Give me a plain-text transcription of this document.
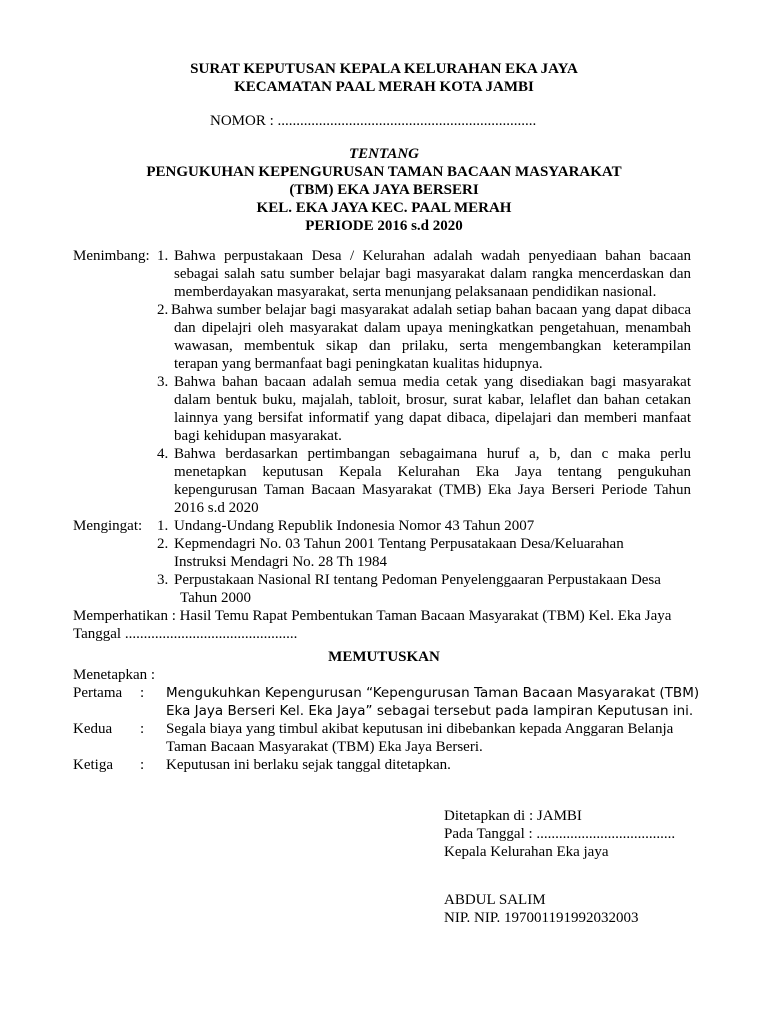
SURAT KEPUTUSAN KEPALA KELURAHAN EKA JAYA
KECAMATAN PAAL MERAH KOTA JAMBI
NOMOR : .....................................................................
TENTANG
PENGUKUHAN KEPENGURUSAN TAMAN BACAAN MASYARAKAT
(TBM) EKA JAYA BERSERI
KEL. EKA JAYA KEC. PAAL MERAH
PERIODE 2016 s.d 2020
Menimbang: 1. Bahwa perpustakaan Desa / Kelurahan adalah wadah penyediaan bahan bacaan
sebagai salah satu sumber belajar bagi masyarakat dalam rangka mencerdaskan dan
memberdayakan masyarakat, serta menunjang pelaksanaan pendidikan nasional.
2. Bahwa sumber belajar bagi masyarakat adalah setiap bahan bacaan yang dapat dibaca
dan dipelajri oleh masyarakat dalam upaya meningkatkan pengetahuan, menambah
wawasan, membentuk sikap dan prilaku, serta mengembangkan keterampilan
terapan yang bermanfaat bagi peningkatan kualitas hidupnya.
3. Bahwa bahan bacaan adalah semua media cetak yang disediakan bagi masyarakat
dalam bentuk buku, majalah, tabloit, brosur, surat kabar, lelaflet dan bahan cetakan
lainnya yang bersifat informatif yang dapat dibaca, dipelajari dan memberi manfaat
bagi kehidupan masyarakat.
4. Bahwa berdasarkan pertimbangan sebagaimana huruf a, b, dan c maka perlu
menetapkan keputusan Kepala Kelurahan Eka Jaya tentang pengukuhan
kepengurusan Taman Bacaan Masyarakat (TMB) Eka Jaya Berseri Periode Tahun
2016 s.d 2020
Mengingat: 1. Undang-Undang Republik Indonesia Nomor 43 Tahun 2007
2. Kepmendagri No. 03 Tahun 2001 Tentang Perpusatakaan Desa/Keluarahan
Instruksi Mendagri No. 28 Th 1984
3. Perpustakaan Nasional RI tentang Pedoman Penyelenggaaran Perpustakaan Desa
Tahun 2000
Memperhatikan : Hasil Temu Rapat Pembentukan Taman Bacaan Masyarakat (TBM) Kel. Eka Jaya
Tanggal ..............................................
MEMUTUSKAN
Menetapkan :
Pertama : Mengukuhkan Kepengurusan “Kepengurusan Taman Bacaan Masyarakat (TBM)
Eka Jaya Berseri Kel. Eka Jaya” sebagai tersebut pada lampiran Keputusan ini.
Kedua : Segala biaya yang timbul akibat keputusan ini dibebankan kepada Anggaran Belanja
Taman Bacaan Masyarakat (TBM) Eka Jaya Berseri.
Ketiga : Keputusan ini berlaku sejak tanggal ditetapkan.
Ditetapkan di : JAMBI
Pada Tanggal : .....................................
Kepala Kelurahan Eka jaya
ABDUL SALIM
NIP. NIP. 197001191992032003
